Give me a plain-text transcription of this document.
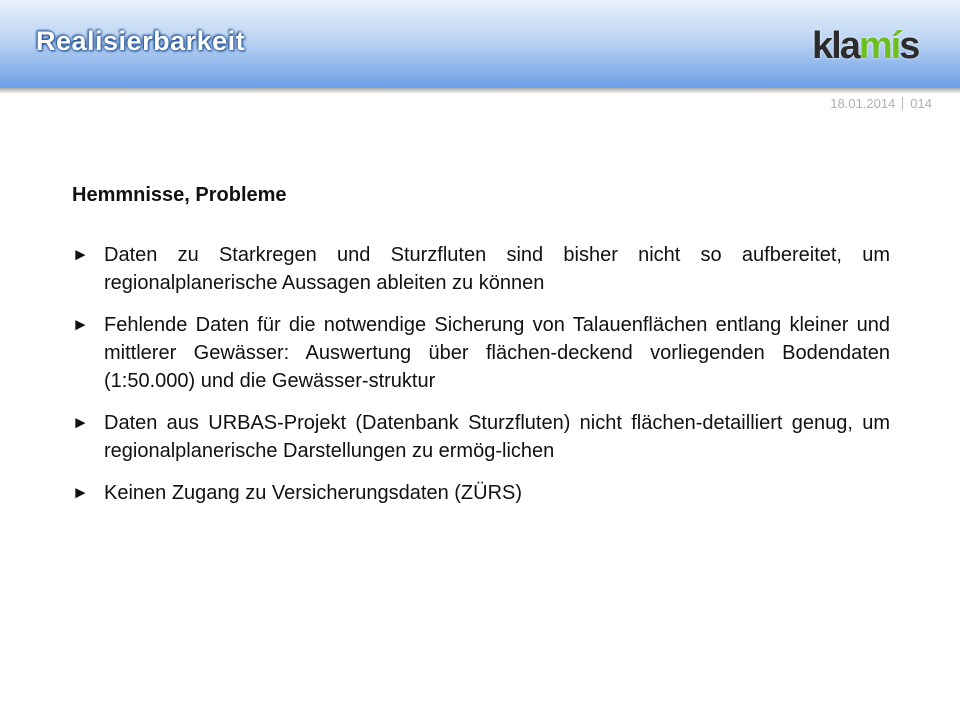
Realisierbarkeit	klamís
18.01.2014 014
Hemmnisse, Probleme
► Daten zu Starkregen und Sturzfluten sind bisher nicht so aufbereitet, um regionalplanerische Aussagen ableiten zu können
► Fehlende Daten für die notwendige Sicherung von Talauenflächen entlang kleiner und mittlerer Gewässer: Auswertung über flächen-deckend vorliegenden Bodendaten (1:50.000) und die Gewässer-struktur
► Daten aus URBAS-Projekt (Datenbank Sturzfluten) nicht flächen-detailliert genug, um regionalplanerische Darstellungen zu ermög-lichen
► Keinen Zugang zu Versicherungsdaten (ZÜRS)
